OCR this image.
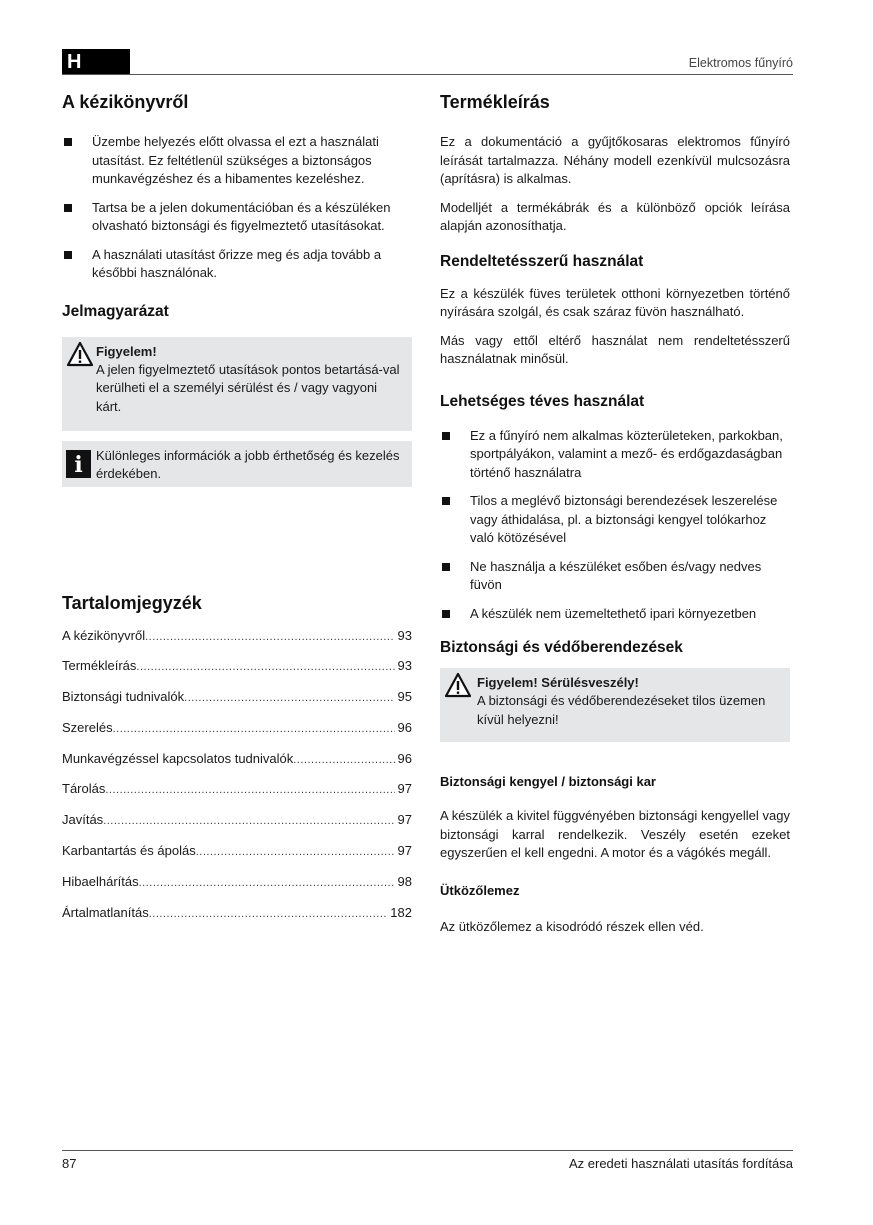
H	Elektromos fűnyíró
A kézikönyvről
Üzembe helyezés előtt olvassa el ezt a használati utasítást. Ez feltétlenül szükséges a biztonságos munkavégzéshez és a hibamentes kezeléshez.
Tartsa be a jelen dokumentációban és a készüléken olvasható biztonsági és figyelmeztető utasításokat.
A használati utasítást őrizze meg és adja tovább a későbbi használónak.
Jelmagyarázat
Figyelem!

A jelen figyelmeztető utasítások pontos betartásá-val kerülheti el a személyi sérülést és / vagy vagyoni kárt.

i	Különleges információk a jobb érthetőség és kezelés érdekében.

Tartalomjegyzék
A kézikönyvről .....	93
Termékleírás .....	93
Biztonsági tudnivalók .....	95
Szerelés .....	96
Munkavégzéssel kapcsolatos tudnivalók .....	96
Tárolás .....	97
Javítás .....	97
Karbantartás és ápolás .....	97
Hibaelhárítás .....	98
Ártalmatlanítás .....	182
Termékleírás

Ez a dokumentáció a gyűjtőkosaras elektromos fűnyíró leírását tartalmazza. Néhány modell ezenkívül mulcsozásra (aprításra) is alkalmas.

Modelljét a termékábrák és a különböző opciók leírása alapján azonosíthatja.

Rendeltetésszerű használat

Ez a készülék füves területek otthoni környezetben történő nyírására szolgál, és csak száraz füvön használható.

Más vagy ettől eltérő használat nem rendeltetésszerű használatnak minősül.

Lehetséges téves használat
Ez a fűnyíró nem alkalmas közterületeken, parkokban, sportpályákon, valamint a mező- és erdőgazdaságban történő használatra
Tilos a meglévő biztonsági berendezések leszerelése vagy áthidalása, pl. a biztonsági kengyel tolókarhoz való kötözésével
Ne használja a készüléket esőben és/vagy nedves füvön
A készülék nem üzemeltethető ipari környezetben
Biztonsági és védőberendezések
Figyelem! Sérülésveszély!

A biztonsági és védőberendezéseket tilos üzemen kívül helyezni!

Biztonsági kengyel / biztonsági kar

A készülék a kivitel függvényében biztonsági kengyellel vagy biztonsági karral rendelkezik. Veszély esetén ezeket egyszerűen el kell engedni. A motor és a vágókés megáll.

Ütközőlemez

Az ütközőlemez a kisodródó részek ellen véd.

87	Az eredeti használati utasítás fordítása
